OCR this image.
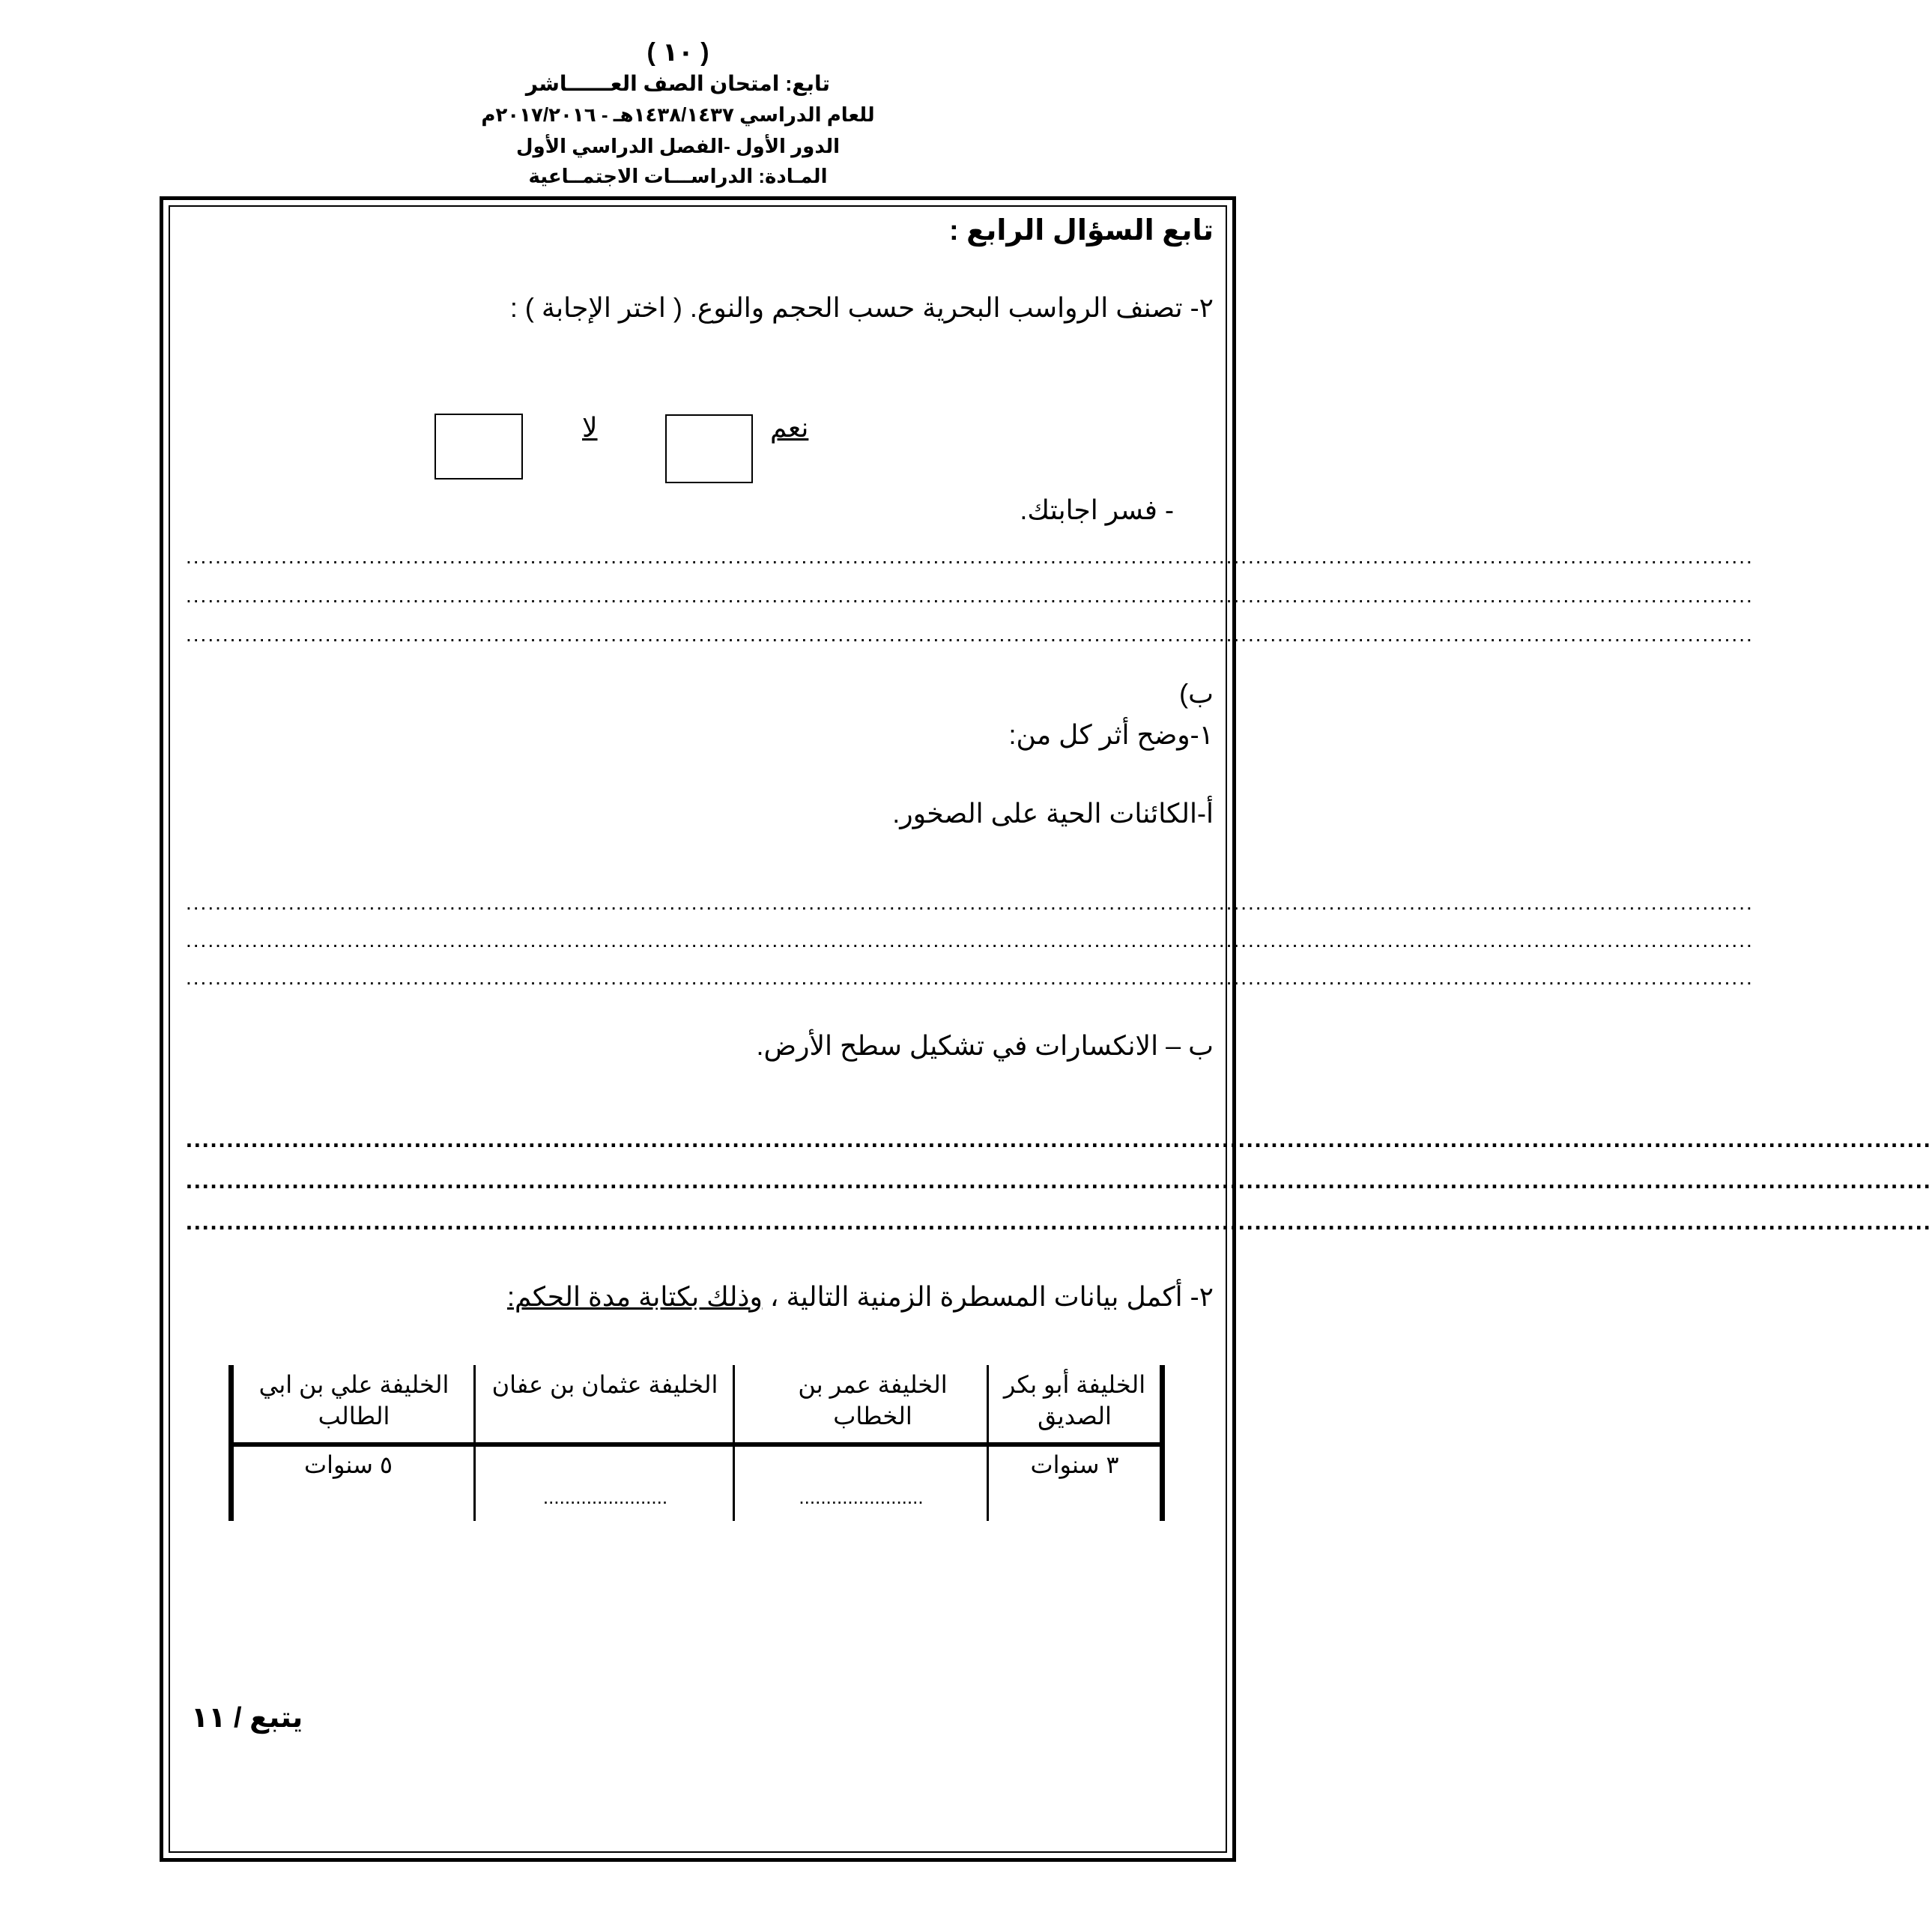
( ١٠ )
تابع: امتحان الصف العــــــاشر
للعام الدراسي ١٤٣٨/١٤٣٧هـ - ٢٠١٧/٢٠١٦م
الدور الأول -الفصل الدراسي الأول
المـادة: الدراســـات الاجتمــاعية
تابع السؤال الرابع :
٢- تصنف الرواسب البحرية حسب الحجم والنوع. ( اختر الإجابة ) :
نعم
لا
- فسر اجابتك.
......................................................................................................................................................................................................................
......................................................................................................................................................................................................................
......................................................................................................................................................................................................................
ب)
١-وضح أثر كل من:
أ-الكائنات الحية على الصخور.
......................................................................................................................................................................................................................
......................................................................................................................................................................................................................
......................................................................................................................................................................................................................
ب – الانكسارات في تشكيل سطح الأرض.
......................................................................................................................................................................................................................
......................................................................................................................................................................................................................
......................................................................................................................................................................................................................
٢- أكمل بيانات المسطرة الزمنية التالية ، وذلك بكتابة مدة الحكم:
الخليفة أبو بكر الصديق
٣ سنوات
الخليفة عمر بن الخطاب
.......................
الخليفة عثمان بن عفان
.......................
الخليفة علي بن ابي الطالب
٥ سنوات
يتبع / ١١
